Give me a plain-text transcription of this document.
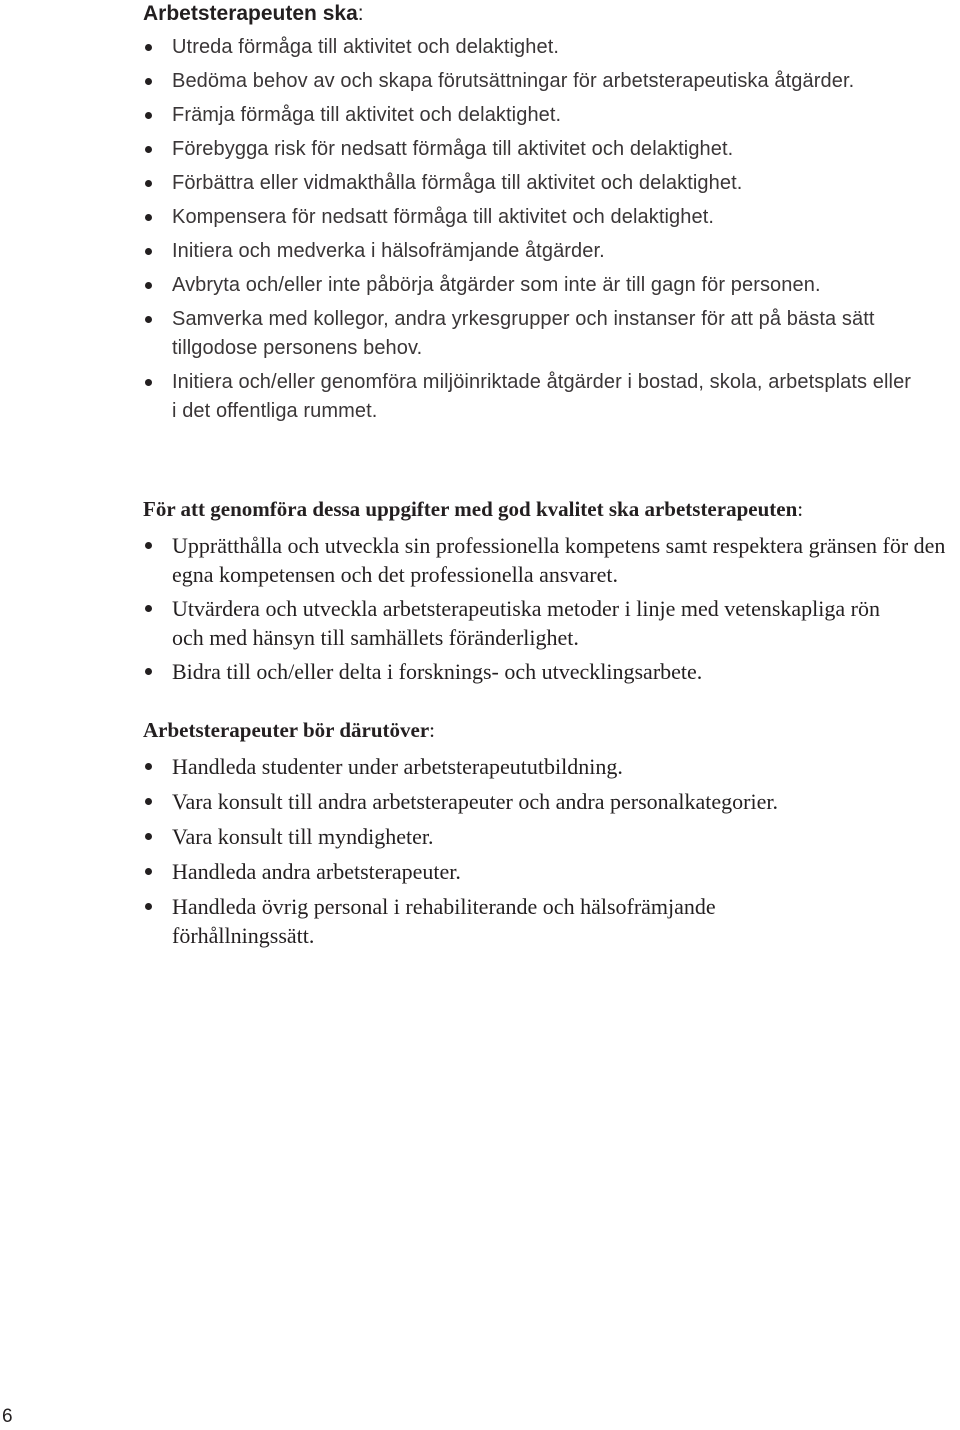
Arbetsterapeuten ska:
Utreda förmåga till aktivitet och delaktighet.
Bedöma behov av och skapa förutsättningar för arbetsterapeutiska åtgärder.
Främja förmåga till aktivitet och delaktighet.
Förebygga risk för nedsatt förmåga till aktivitet och delaktighet.
Förbättra eller vidmakthålla förmåga till aktivitet och delaktighet.
Kompensera för nedsatt förmåga till aktivitet och delaktighet.
Initiera och medverka i hälsofrämjande åtgärder.
Avbryta och/eller inte påbörja åtgärder som inte är till gagn för personen.
Samverka med kollegor, andra yrkesgrupper och instanser för att på bästa sätt tillgodose personens behov.
Initiera och/eller genomföra miljöinriktade åtgärder i bostad, skola, arbetsplats eller i det offentliga rummet.
För att genomföra dessa uppgifter med god kvalitet ska arbetsterapeuten:
Upprätthålla och utveckla sin professionella kompetens samt respektera gränsen för den egna kompetensen och det professionella ansvaret.
Utvärdera och utveckla arbetsterapeutiska metoder i linje med vetenskapliga rön och med hänsyn till samhällets föränderlighet.
Bidra till och/eller delta i forsknings- och utvecklingsarbete.
Arbetsterapeuter bör därutöver:
Handleda studenter under arbetsterapeututbildning.
Vara konsult till andra arbetsterapeuter och andra personalkategorier.
Vara konsult till myndigheter.
Handleda andra arbetsterapeuter.
Handleda övrig personal i rehabiliterande och hälsofrämjande förhållningssätt.
6
